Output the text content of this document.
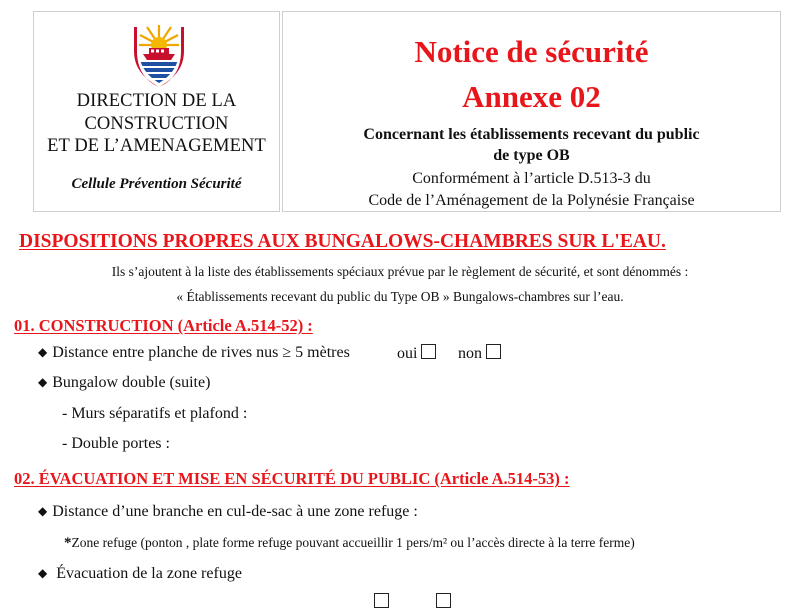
DIRECTION DE LA
CONSTRUCTION
ET DE L’AMENAGEMENT
Cellule Prévention Sécurité
Notice de sécurité
Annexe 02
Concernant les établissements recevant du public
de type OB
Conformément à l’article D.513-3 du
Code de l’Aménagement de la Polynésie Française
DISPOSITIONS PROPRES AUX BUNGALOWS-CHAMBRES SUR L'EAU.
Ils s’ajoutent à la liste des établissements spéciaux prévue par le règlement de sécurité, et sont dénommés :
« Établissements recevant du public du Type OB » Bungalows-chambres sur l’eau.
01. CONSTRUCTION (Article A.514-52) :
◆ Distance entre planche de rives nus ≥ 5 mètres	oui	non
◆ Bungalow double (suite)
- Murs séparatifs et plafond :
- Double portes :
02. ÉVACUATION ET MISE EN SÉCURITÉ DU PUBLIC (Article A.514-53) :
◆ Distance d’une branche en cul-de-sac à une zone refuge :
*Zone refuge (ponton , plate forme refuge pouvant accueillir 1 pers/m² ou l’accès directe à la terre ferme)
◆ Évacuation de la zone refuge
